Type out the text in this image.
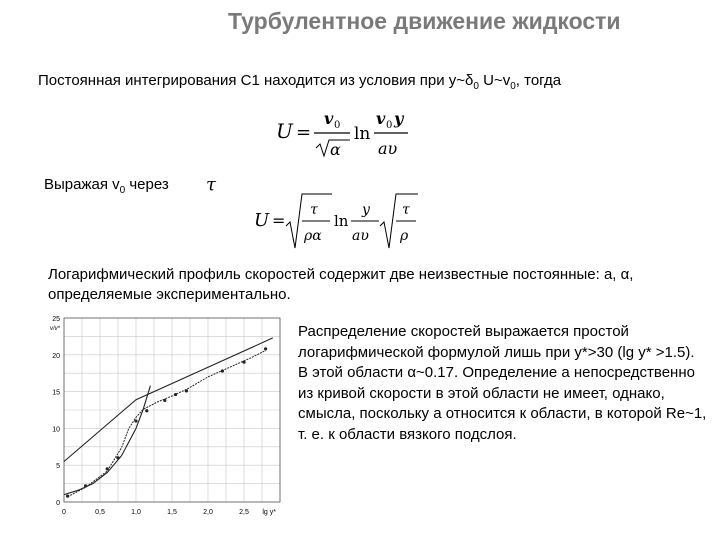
Турбулентное движение жидкости
Постоянная интегрирования С1 находится из условия при $y\sim\delta_0$ $U\sim v_0$, тогда
U =
v 0
α
ln
v 0 y
aυ
Выражая $v_0$ через τ
U =
τ
ρα
ln
y
aυ
τ
ρ
Логарифмический профиль скоростей содержит две неизвестные постоянные: a, α, определяемые экспериментально.
0
5
10
15
20
25
0	0,5	1,0	1,5	2,0	2,5 lg y*
v/v*	Распределение скоростей выражается простой логарифмической формулой лишь при y*>30 (lg y* >1.5). В этой области α~0.17. Определение a непосредственно из кривой скорости в этой области не имеет, однако, смысла, поскольку a относится к области, в которой Re~1, т. е. к области вязкого подслоя.
